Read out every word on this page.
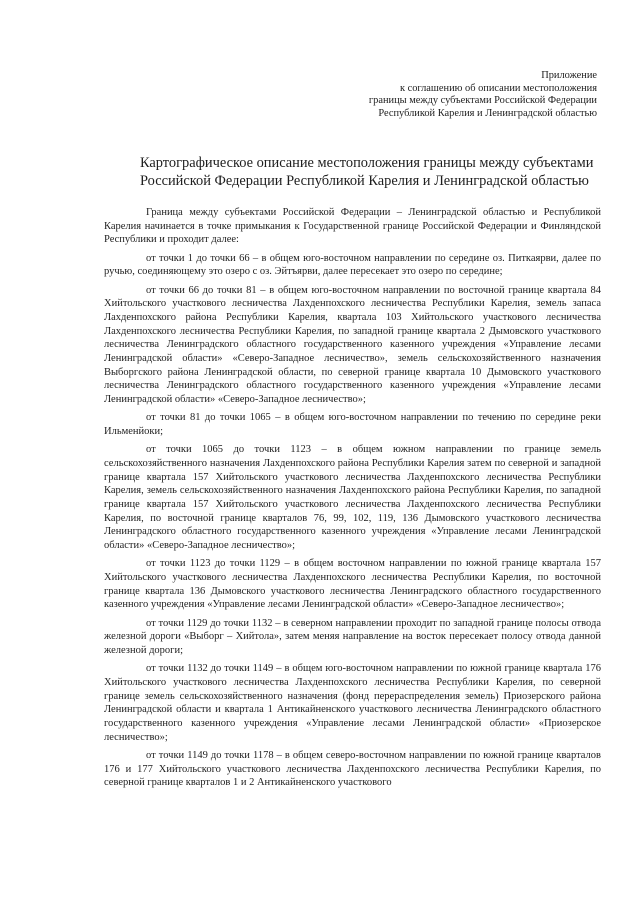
Приложение
к соглашению об описании местоположения
границы между субъектами Российской Федерации
Республикой Карелия и Ленинградской областью
Картографическое описание местоположения границы между субъектами
Российской Федерации Республикой Карелия и Ленинградской областью

Граница между субъектами Российской Федерации – Ленинградской областью и Республикой Карелия начинается в точке примыкания к Государственной границе Российской Федерации и Финляндской Республики и проходит далее:

от точки 1 до точки 66 – в общем юго-восточном направлении по середине оз. Питкаярви, далее по ручью, соединяющему это озеро с оз. Эйтъярви, далее пересекает это озеро по середине;

от точки 66 до точки 81 – в общем юго-восточном направлении по восточной границе квартала 84 Хийтольского участкового лесничества Лахденпохского лесничества Республики Карелия, земель запаса Лахденпохского района Республики Карелия, квартала 103 Хийтольского участкового лесничества Лахденпохского лесничества Республики Карелия, по западной границе квартала 2 Дымовского участкового лесничества Ленинградского областного государственного казенного учреждения «Управление лесами Ленинградской области» «Северо-Западное лесничество», земель сельскохозяйственного назначения Выборгского района Ленинградской области, по северной границе квартала 10 Дымовского участкового лесничества Ленинградского областного государственного казенного учреждения «Управление лесами Ленинградской области» «Северо-Западное лесничество»;

от точки 81 до точки 1065 – в общем юго-восточном направлении по течению по середине реки Ильменйоки;

от точки 1065 до точки 1123 – в общем южном направлении по границе земель сельскохозяйственного назначения Лахденпохского района Республики Карелия затем по северной и западной границе квартала 157 Хийтольского участкового лесничества Лахденпохского лесничества Республики Карелия, земель сельскохозяйственного назначения Лахденпохского района Республики Карелия, по западной границе квартала 157 Хийтольского участкового лесничества Лахденпохского лесничества Республики Карелия, по восточной границе кварталов 76, 99, 102, 119, 136 Дымовского участкового лесничества Ленинградского областного государственного казенного учреждения «Управление лесами Ленинградской области» «Северо-Западное лесничество»;

от точки 1123 до точки 1129 – в общем восточном направлении по южной границе квартала 157 Хийтольского участкового лесничества Лахденпохского лесничества Республики Карелия, по восточной границе квартала 136 Дымовского участкового лесничества Ленинградского областного государственного казенного учреждения «Управление лесами Ленинградской области» «Северо-Западное лесничество»;

от точки 1129 до точки 1132 – в северном направлении проходит по западной границе полосы отвода железной дороги «Выборг – Хийтола», затем меняя направление на восток пересекает полосу отвода данной железной дороги;

от точки 1132 до точки 1149 – в общем юго-восточном направлении по южной границе квартала 176 Хийтольского участкового лесничества Лахденпохского лесничества Республики Карелия, по северной границе земель сельскохозяйственного назначения (фонд перераспределения земель) Приозерского района Ленинградской области и квартала 1 Антикайненского участкового лесничества Ленинградского областного государственного казенного учреждения «Управление лесами Ленинградской области» «Приозерское лесничество»;

от точки 1149 до точки 1178 – в общем северо-восточном направлении по южной границе кварталов 176 и 177 Хийтольского участкового лесничества Лахденпохского лесничества Республики Карелия, по северной границе кварталов 1 и 2 Антикайненского участкового
